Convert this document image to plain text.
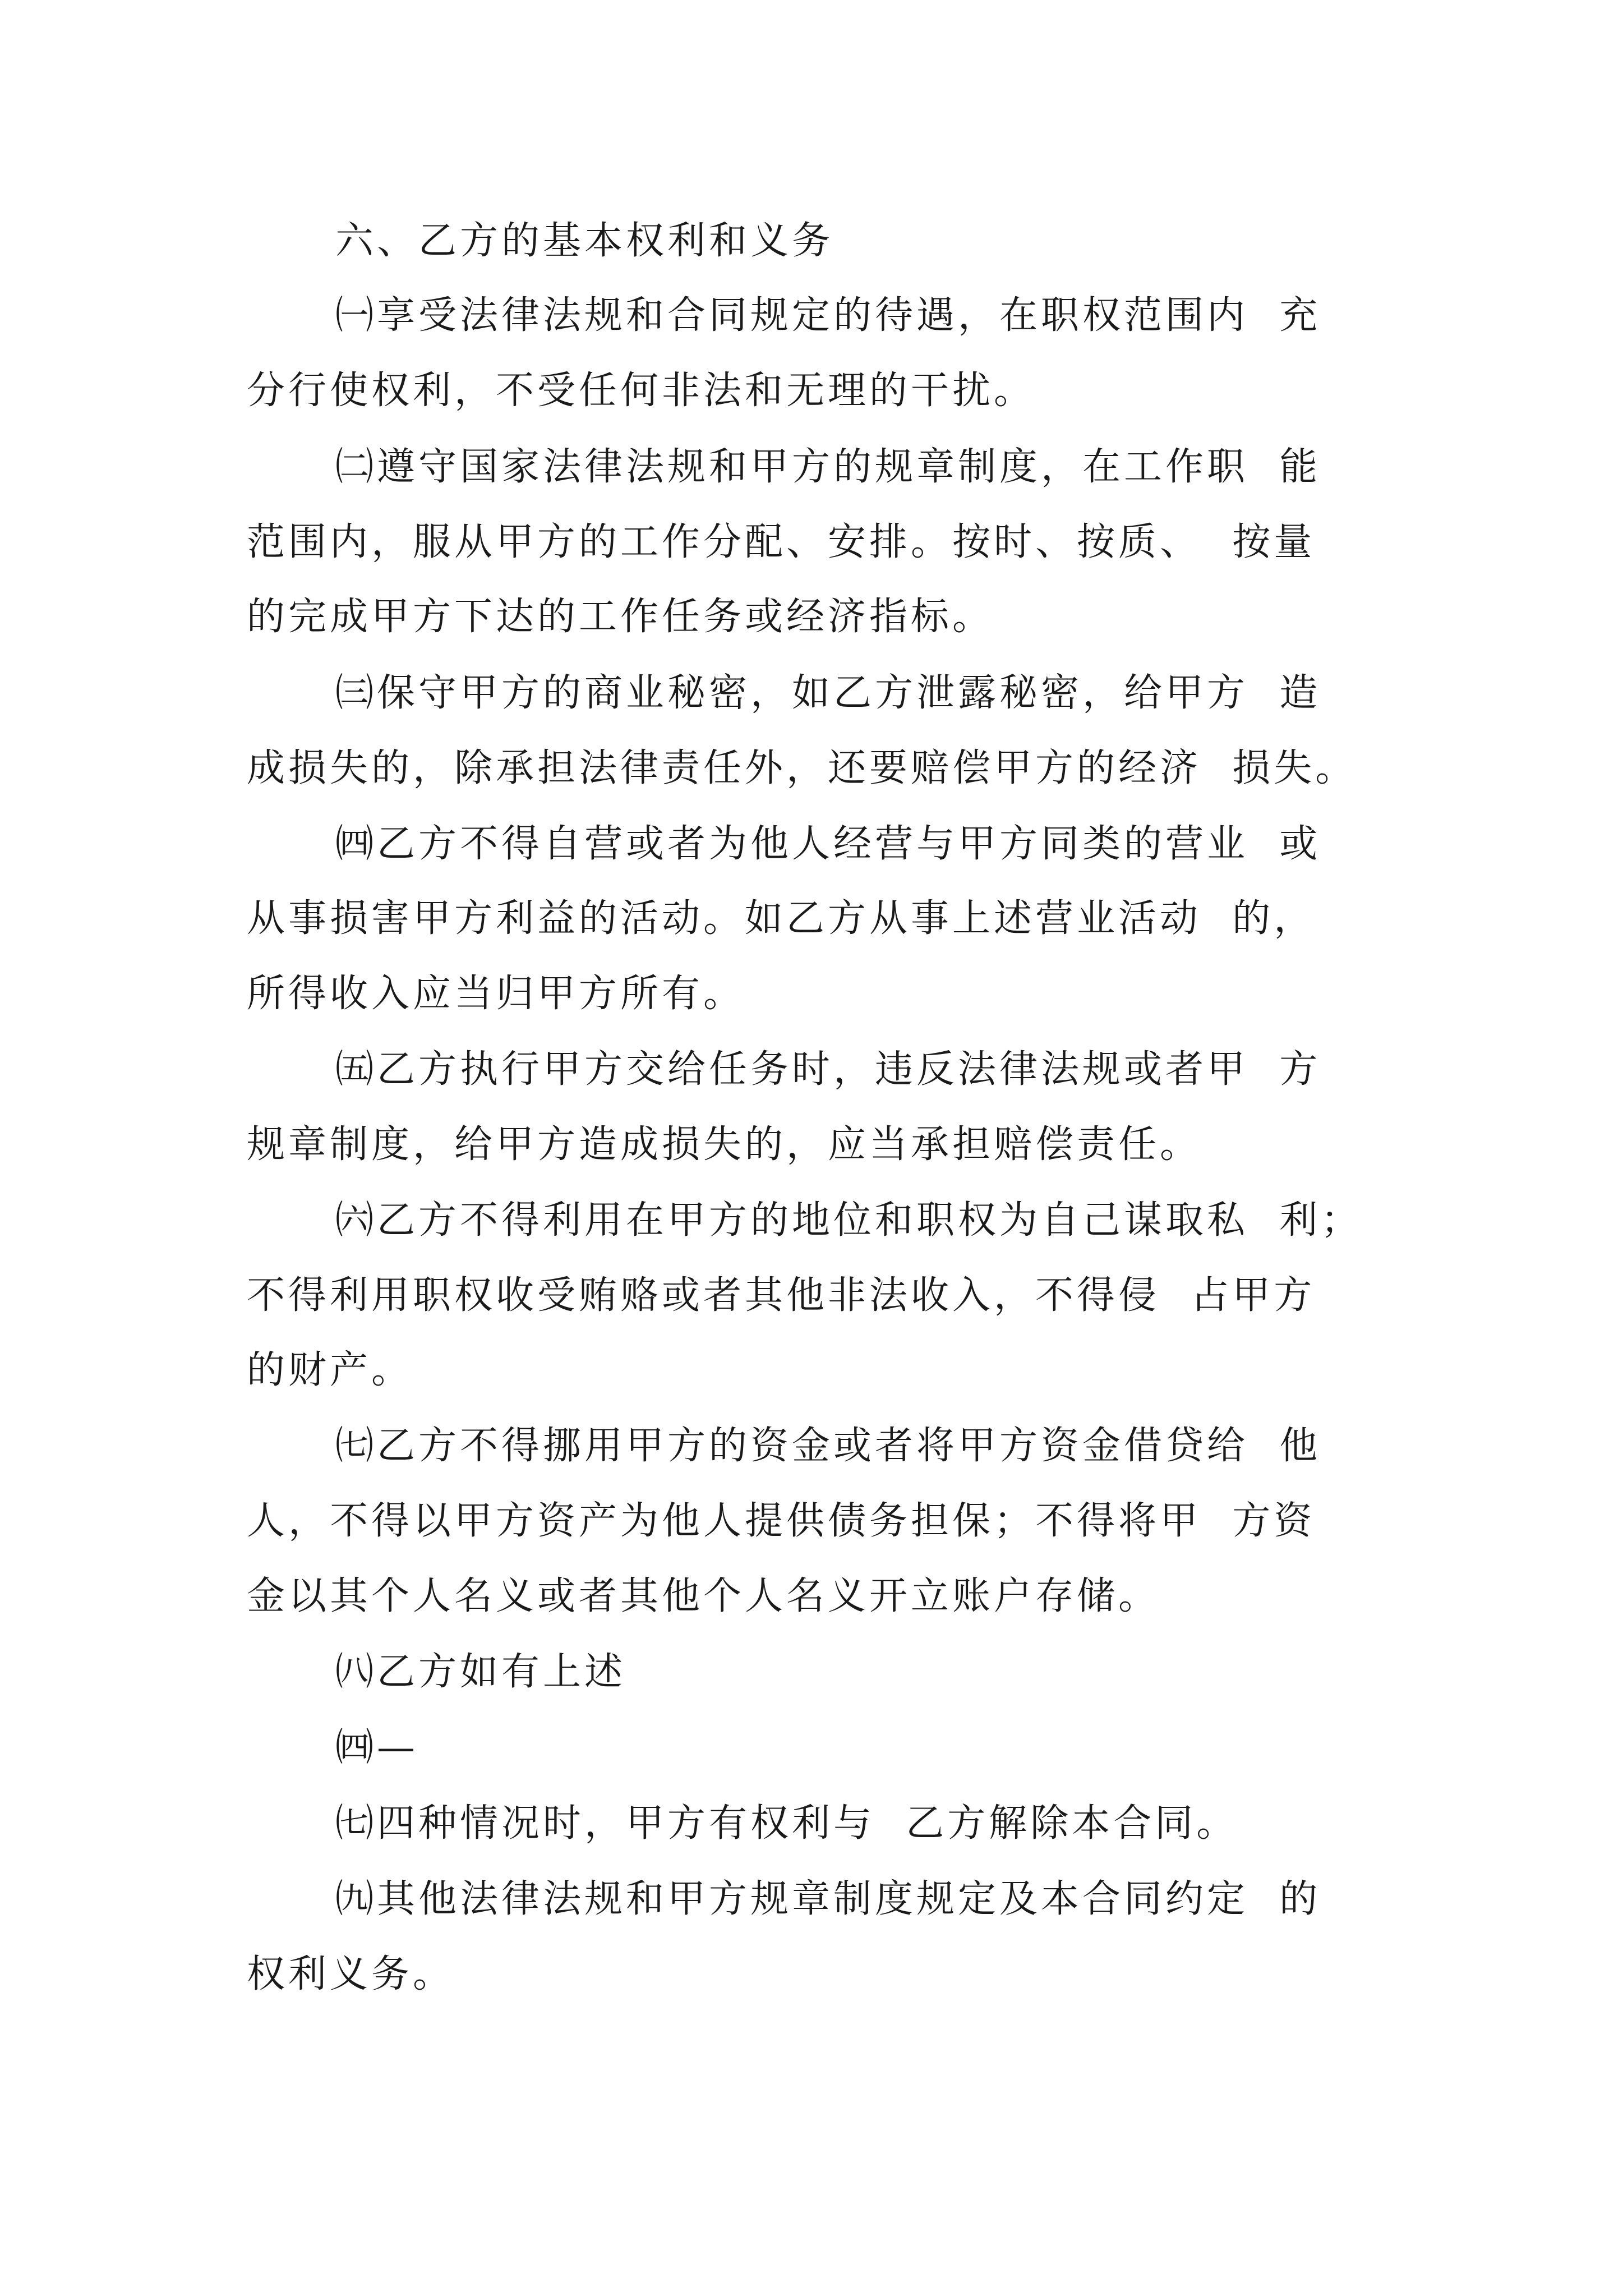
六、乙方的基本权利和义务
㈠享受法律法规和合同规定的待遇，在职权范围内  充
分行使权利，不受任何非法和无理的干扰。
㈡遵守国家法律法规和甲方的规章制度，在工作职  能
范围内，服从甲方的工作分配、安排。按时、按质、  按量
的完成甲方下达的工作任务或经济指标。
㈢保守甲方的商业秘密，如乙方泄露秘密，给甲方  造
成损失的，除承担法律责任外，还要赔偿甲方的经济  损失。
㈣乙方不得自营或者为他人经营与甲方同类的营业  或
从事损害甲方利益的活动。如乙方从事上述营业活动  的，
所得收入应当归甲方所有。
㈤乙方执行甲方交给任务时，违反法律法规或者甲  方
规章制度，给甲方造成损失的，应当承担赔偿责任。
㈥乙方不得利用在甲方的地位和职权为自己谋取私  利；
不得利用职权收受贿赂或者其他非法收入，不得侵  占甲方
的财产。
㈦乙方不得挪用甲方的资金或者将甲方资金借贷给  他
人，不得以甲方资产为他人提供债务担保；不得将甲  方资
金以其个人名义或者其他个人名义开立账户存储。
㈧乙方如有上述
㈣—
㈦四种情况时，甲方有权利与  乙方解除本合同。
㈨其他法律法规和甲方规章制度规定及本合同约定  的
权利义务。
